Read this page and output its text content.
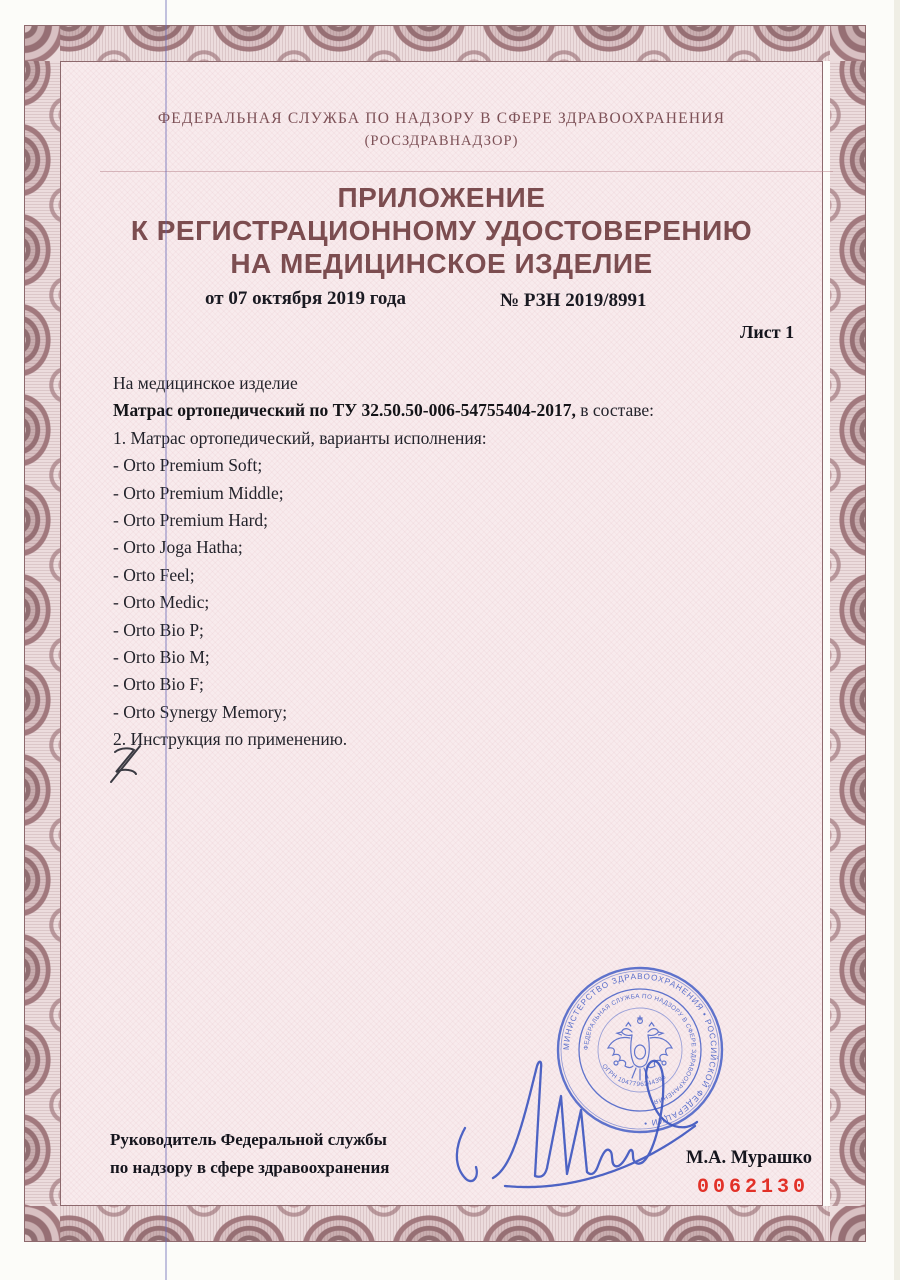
ФЕДЕРАЛЬНАЯ СЛУЖБА ПО НАДЗОРУ В СФЕРЕ ЗДРАВООХРАНЕНИЯ
(РОСЗДРАВНАДЗОР)
ПРИЛОЖЕНИЕ
К РЕГИСТРАЦИОННОМУ УДОСТОВЕРЕНИЮ
НА МЕДИЦИНСКОЕ ИЗДЕЛИЕ
от 07 октября 2019 года	№ РЗН 2019/8991
Лист 1
На медицинское изделие
Матрас ортопедический по ТУ 32.50.50-006-54755404-2017, в составе:
1. Матрас ортопедический, варианты исполнения:
- Orto Premium Soft;
- Orto Premium Middle;
- Orto Premium Hard;
- Orto Joga Hatha;
- Orto Feel;
- Orto Medic;
- Orto Bio P;
- Orto Bio M;
- Orto Bio F;
- Orto Synergy Memory;
2. Инструкция по применению.
Руководитель Федеральной службы
по надзору в сфере здравоохранения	М.А. Мурашко
0062130
МИНИСТЕРСТВО ЗДРАВООХРАНЕНИЯ • РОССИЙСКОЙ ФЕДЕРАЦИИ •
ФЕДЕРАЛЬНАЯ СЛУЖБА ПО НАДЗОРУ В СФЕРЕ ЗДРАВООХРАНЕНИЯ
ОГРН 1047796244396
